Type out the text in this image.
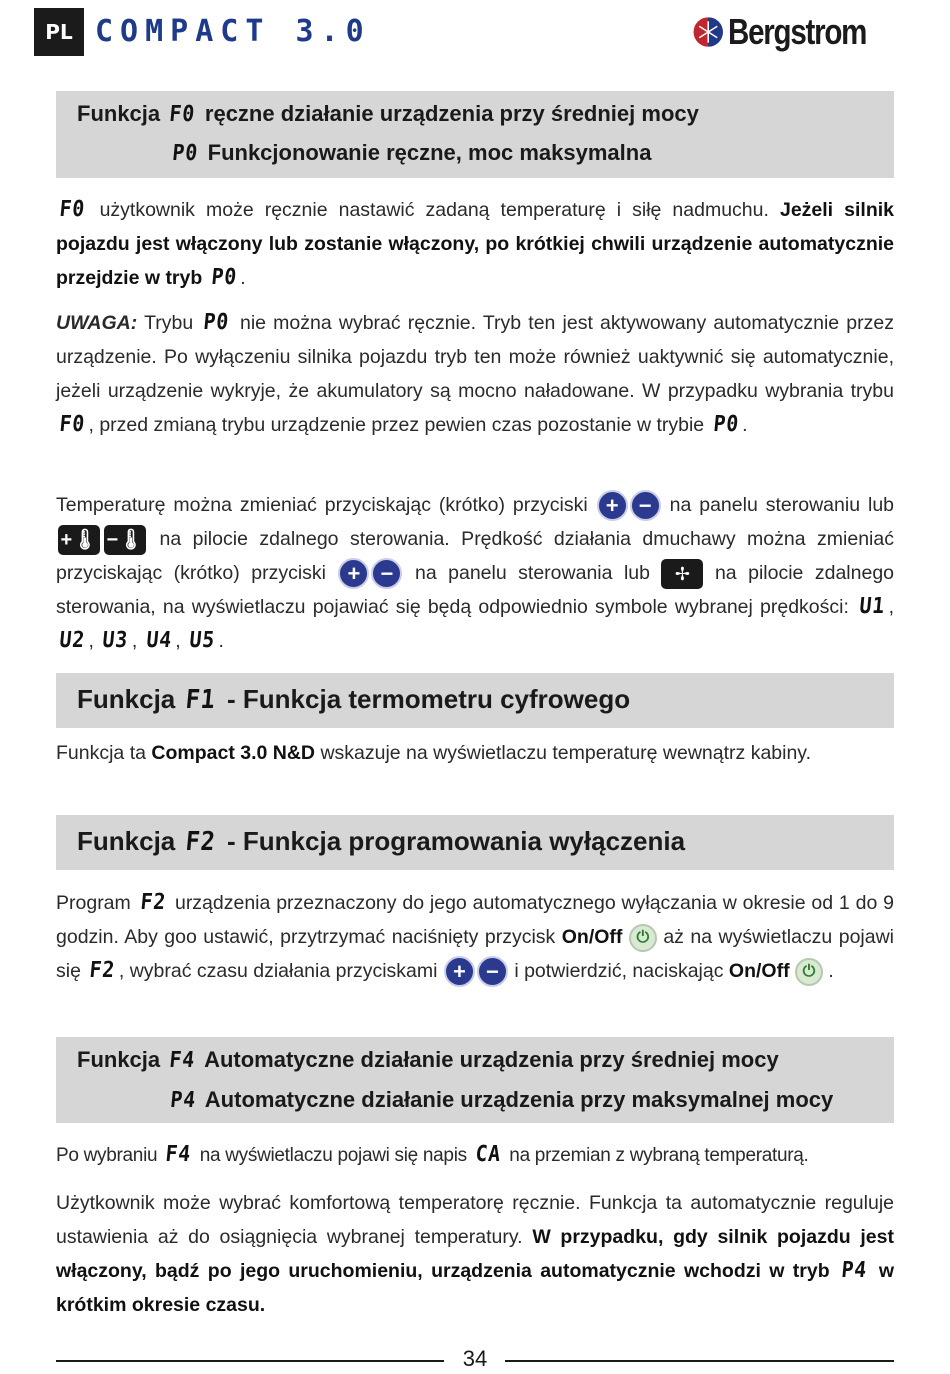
PL COMPACT 3.0	Bergstrom
Funkcja F0 ręczne działanie urządzenia przy średniej mocy
P0 Funkcjonowanie ręczne, moc maksymalna
F0 użytkownik może ręcznie nastawić zadaną temperaturę i siłę nadmuchu. Jeżeli silnik pojazdu jest włączony lub zostanie włączony, po krótkiej chwili urządzenie automatycznie przejdzie w tryb P0 .
UWAGA: Trybu P0 nie można wybrać ręcznie. Tryb ten jest aktywowany automatycznie przez urządzenie. Po wyłączeniu silnika pojazdu tryb ten może również uaktywnić się automatycznie, jeżeli urządzenie wykryje, że akumulatory są mocno naładowane. W przypadku wybrania trybu F0 , przed zmianą trybu urządzenie przez pewien czas pozostanie w trybie P0 .
Temperaturę można zmieniać przyciskając (krótko) przyciski + − na panelu sterowaniu lub +🌡 −🌡 na pilocie zdalnego sterowania. Prędkość działania dmuchawy można zmieniać przyciskając (krótko) przyciski + − na panelu sterowania lub ✢ na pilocie zdalnego sterowania, na wyświetlaczu pojawiać się będą odpowiednio symbole wybranej prędkości: U1 , U2 , U3 , U4 , U5 .
Funkcja F1 - Funkcja termometru cyfrowego
Funkcja ta Compact 3.0 N&D wskazuje na wyświetlaczu temperaturę wewnątrz kabiny.
Funkcja F2 - Funkcja programowania wyłączenia
Program F2 urządzenia przeznaczony do jego automatycznego wyłączania w okresie od 1 do 9 godzin. Aby goo ustawić, przytrzymać naciśnięty przycisk On/Off ⏻ aż na wyświetlaczu pojawi się F2 , wybrać czasu działania przyciskami + − i potwierdzić, naciskając On/Off ⏻ .
Funkcja F4 Automatyczne działanie urządzenia przy średniej mocy
P4 Automatyczne działanie urządzenia przy maksymalnej mocy
Po wybraniu F4 na wyświetlaczu pojawi się napis CA na przemian z wybraną temperaturą.
Użytkownik może wybrać komfortową temperatorę ręcznie. Funkcja ta automatycznie reguluje ustawienia aż do osiągnięcia wybranej temperatury. W przypadku, gdy silnik pojazdu jest włączony, bądź po jego uruchomieniu, urządzenia automatycznie wchodzi w tryb P4 w krótkim okresie czasu.
34
